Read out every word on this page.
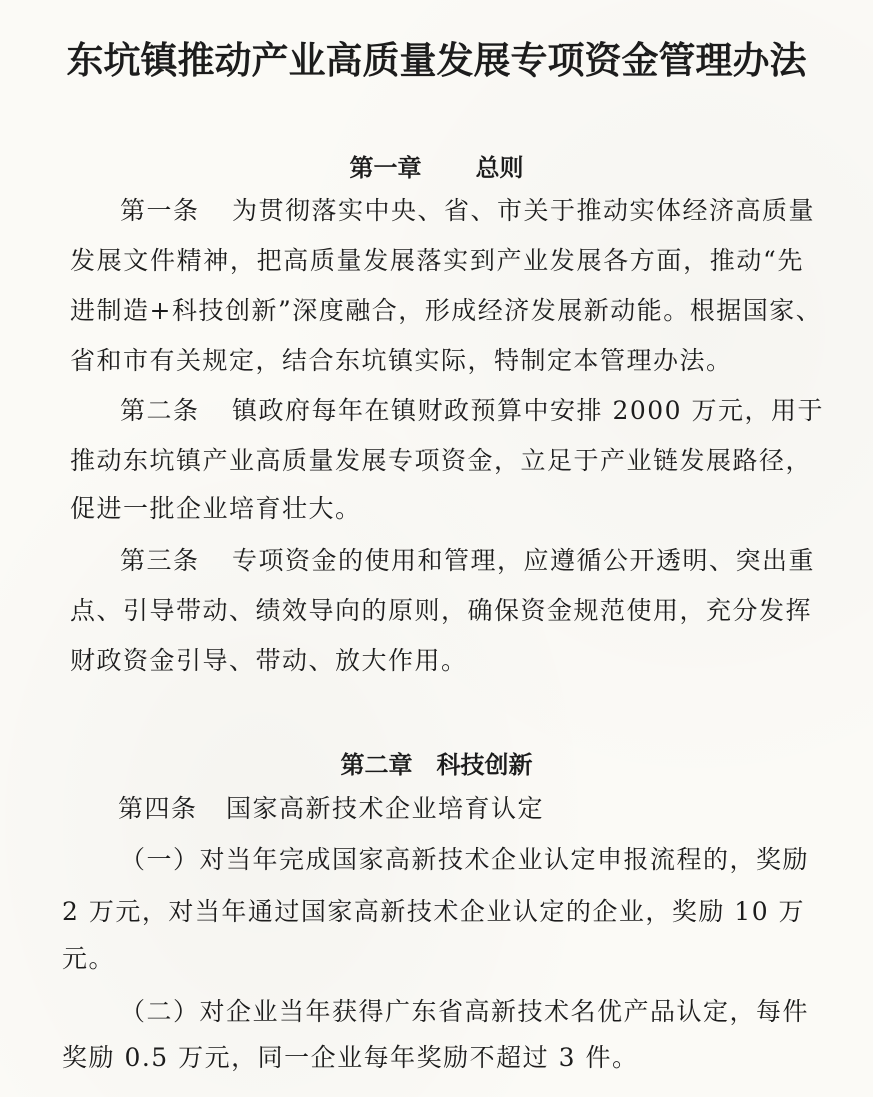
东坑镇推动产业高质量发展专项资金管理办法
第一章 总则
第一条 为贯彻落实中央、省、市关于推动实体经济高质量
发展文件精神，把高质量发展落实到产业发展各方面，推动“先
进制造+科技创新”深度融合，形成经济发展新动能。根据国家、
省和市有关规定，结合东坑镇实际，特制定本管理办法。
第二条 镇政府每年在镇财政预算中安排 2000 万元，用于
推动东坑镇产业高质量发展专项资金，立足于产业链发展路径，
促进一批企业培育壮大。
第三条 专项资金的使用和管理，应遵循公开透明、突出重
点、引导带动、绩效导向的原则，确保资金规范使用，充分发挥
财政资金引导、带动、放大作用。
第二章 科技创新
第四条 国家高新技术企业培育认定
（一）对当年完成国家高新技术企业认定申报流程的，奖励
2 万元，对当年通过国家高新技术企业认定的企业，奖励 10 万
元。
（二）对企业当年获得广东省高新技术名优产品认定，每件
奖励 0.5 万元，同一企业每年奖励不超过 3 件。
